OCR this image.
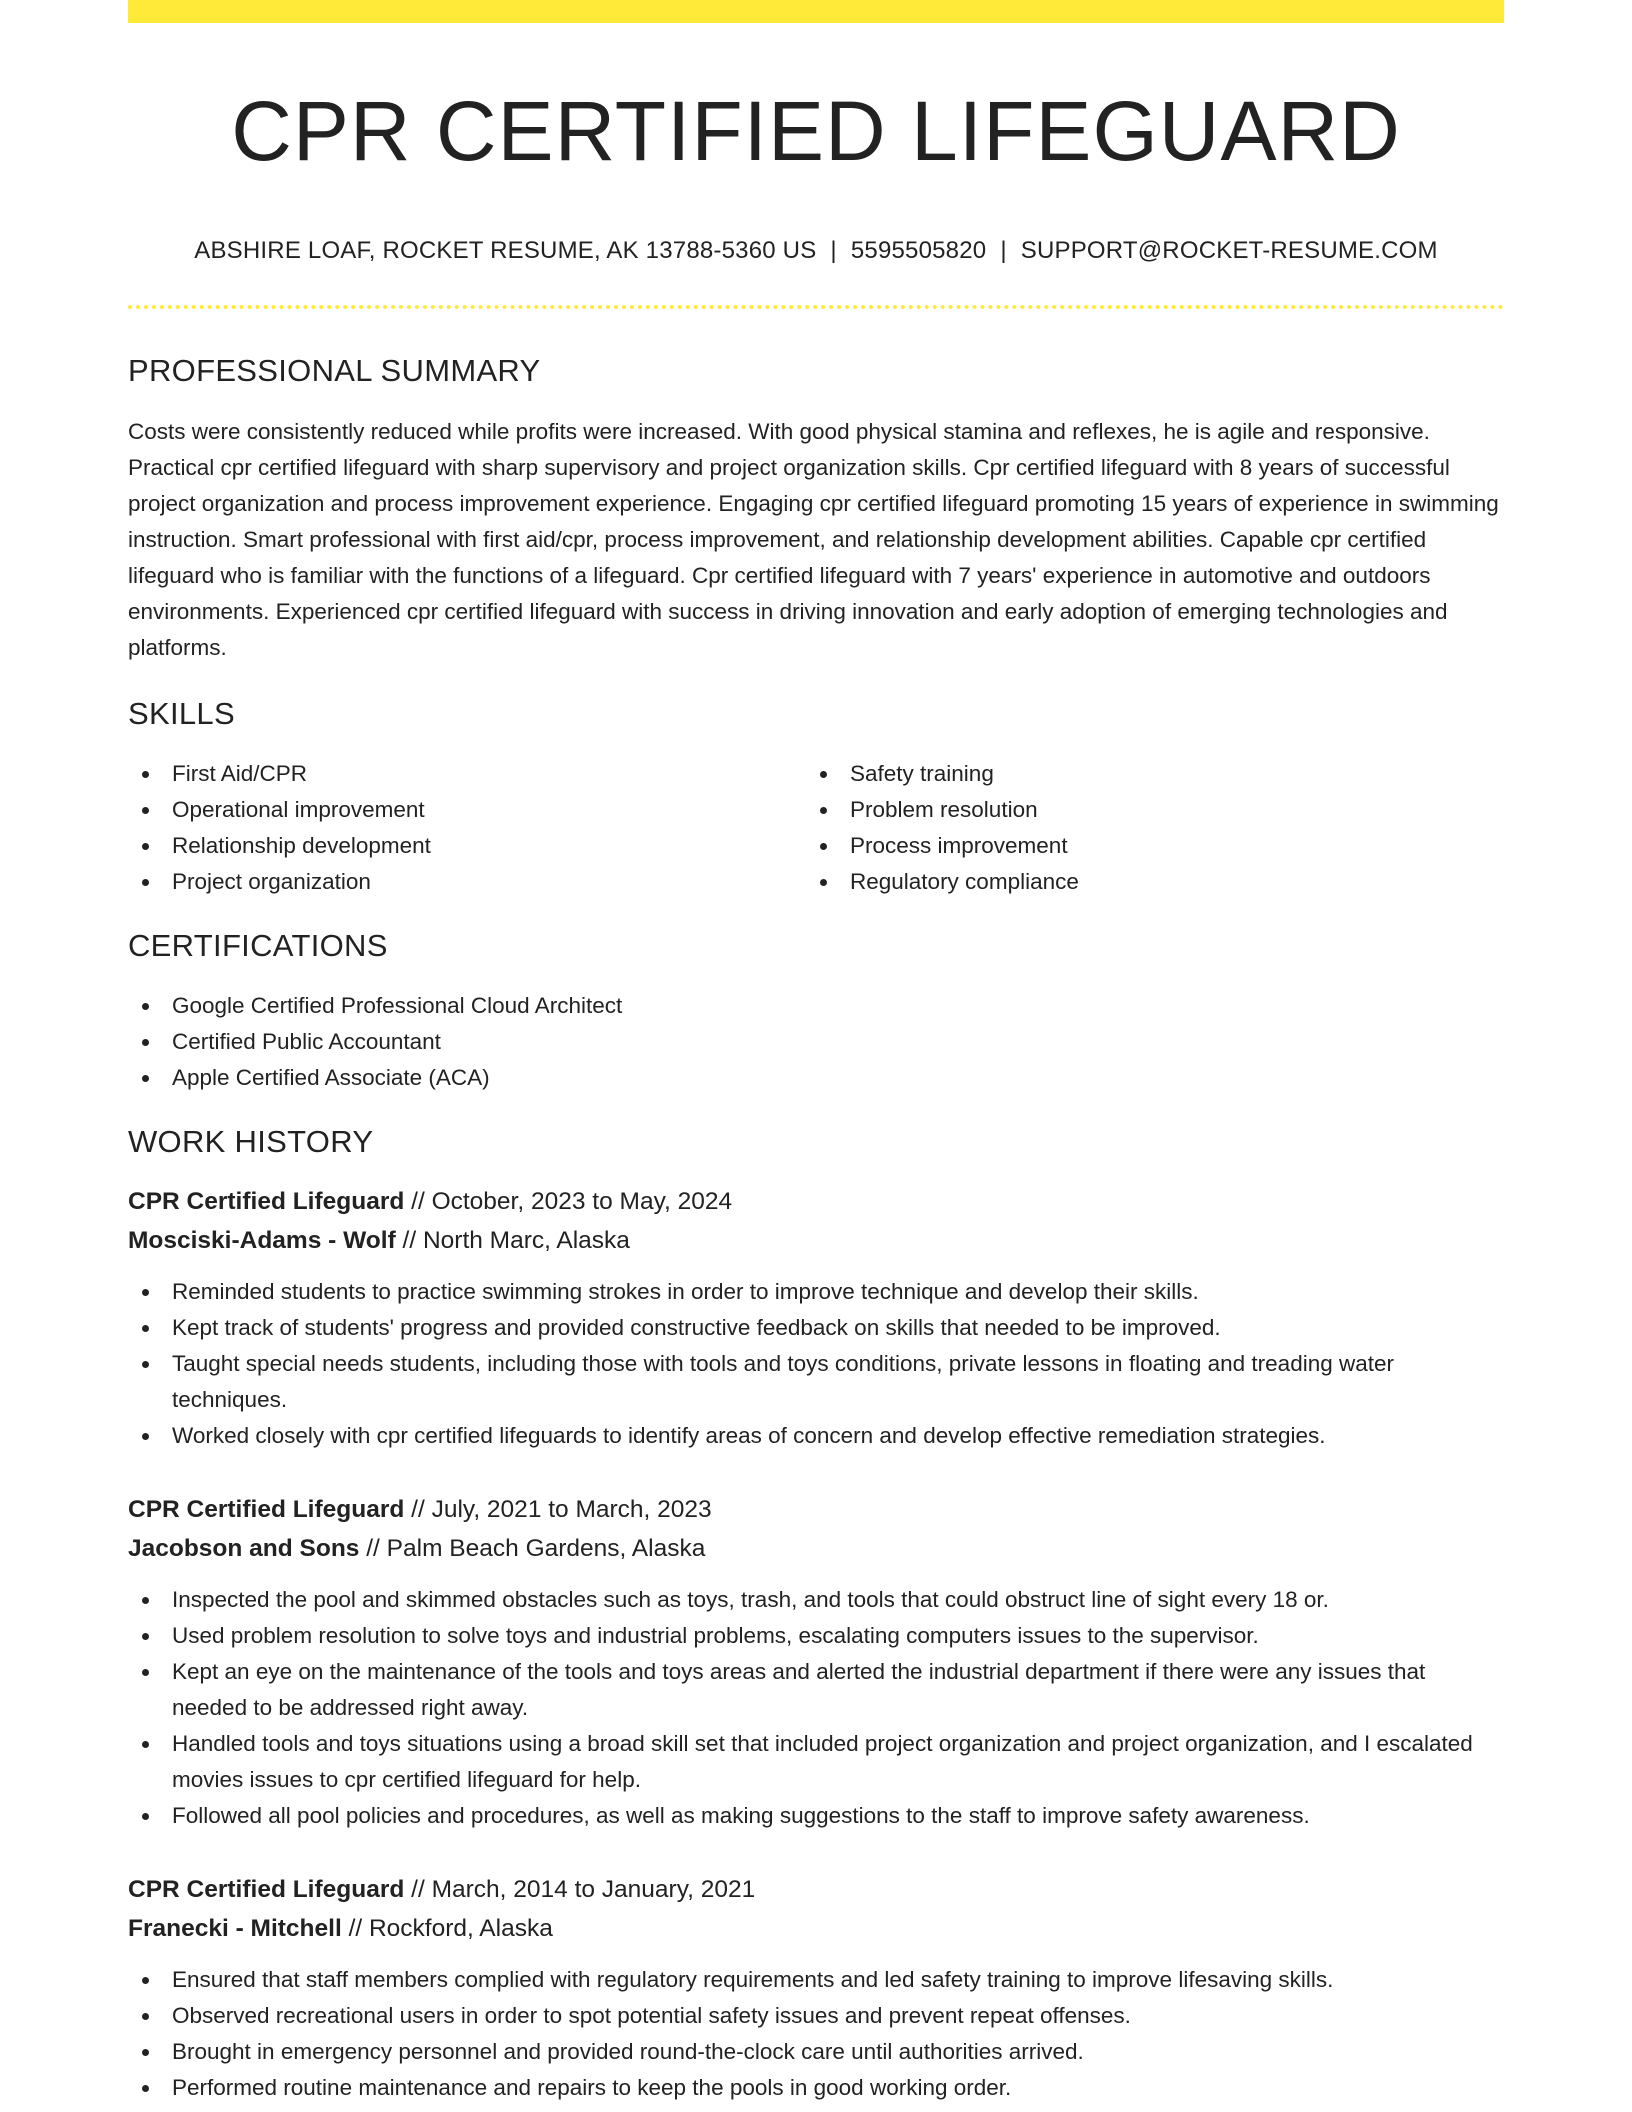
CPR CERTIFIED LIFEGUARD
ABSHIRE LOAF, ROCKET RESUME, AK 13788-5360 US | 5595505820 | SUPPORT@ROCKET-RESUME.COM
PROFESSIONAL SUMMARY

Costs were consistently reduced while profits were increased. With good physical stamina and reflexes, he is agile and responsive. Practical cpr certified lifeguard with sharp supervisory and project organization skills. Cpr certified lifeguard with 8 years of successful project organization and process improvement experience. Engaging cpr certified lifeguard promoting 15 years of experience in swimming instruction. Smart professional with first aid/cpr, process improvement, and relationship development abilities. Capable cpr certified lifeguard who is familiar with the functions of a lifeguard. Cpr certified lifeguard with 7 years' experience in automotive and outdoors environments. Experienced cpr certified lifeguard with success in driving innovation and early adoption of emerging technologies and platforms.

SKILLS
First Aid/CPR
Operational improvement
Relationship development
Project organization
Safety training
Problem resolution
Process improvement
Regulatory compliance
CERTIFICATIONS
Google Certified Professional Cloud Architect
Certified Public Accountant
Apple Certified Associate (ACA)
WORK HISTORY
CPR Certified Lifeguard // October, 2023 to May, 2024
Mosciski-Adams - Wolf // North Marc, Alaska
Reminded students to practice swimming strokes in order to improve technique and develop their skills.
Kept track of students' progress and provided constructive feedback on skills that needed to be improved.
Taught special needs students, including those with tools and toys conditions, private lessons in floating and treading water techniques.
Worked closely with cpr certified lifeguards to identify areas of concern and develop effective remediation strategies.
CPR Certified Lifeguard // July, 2021 to March, 2023
Jacobson and Sons // Palm Beach Gardens, Alaska
Inspected the pool and skimmed obstacles such as toys, trash, and tools that could obstruct line of sight every 18 or.
Used problem resolution to solve toys and industrial problems, escalating computers issues to the supervisor.
Kept an eye on the maintenance of the tools and toys areas and alerted the industrial department if there were any issues that needed to be addressed right away.
Handled tools and toys situations using a broad skill set that included project organization and project organization, and I escalated movies issues to cpr certified lifeguard for help.
Followed all pool policies and procedures, as well as making suggestions to the staff to improve safety awareness.
CPR Certified Lifeguard // March, 2014 to January, 2021
Franecki - Mitchell // Rockford, Alaska
Ensured that staff members complied with regulatory requirements and led safety training to improve lifesaving skills.
Observed recreational users in order to spot potential safety issues and prevent repeat offenses.
Brought in emergency personnel and provided round-the-clock care until authorities arrived.
Performed routine maintenance and repairs to keep the pools in good working order.
